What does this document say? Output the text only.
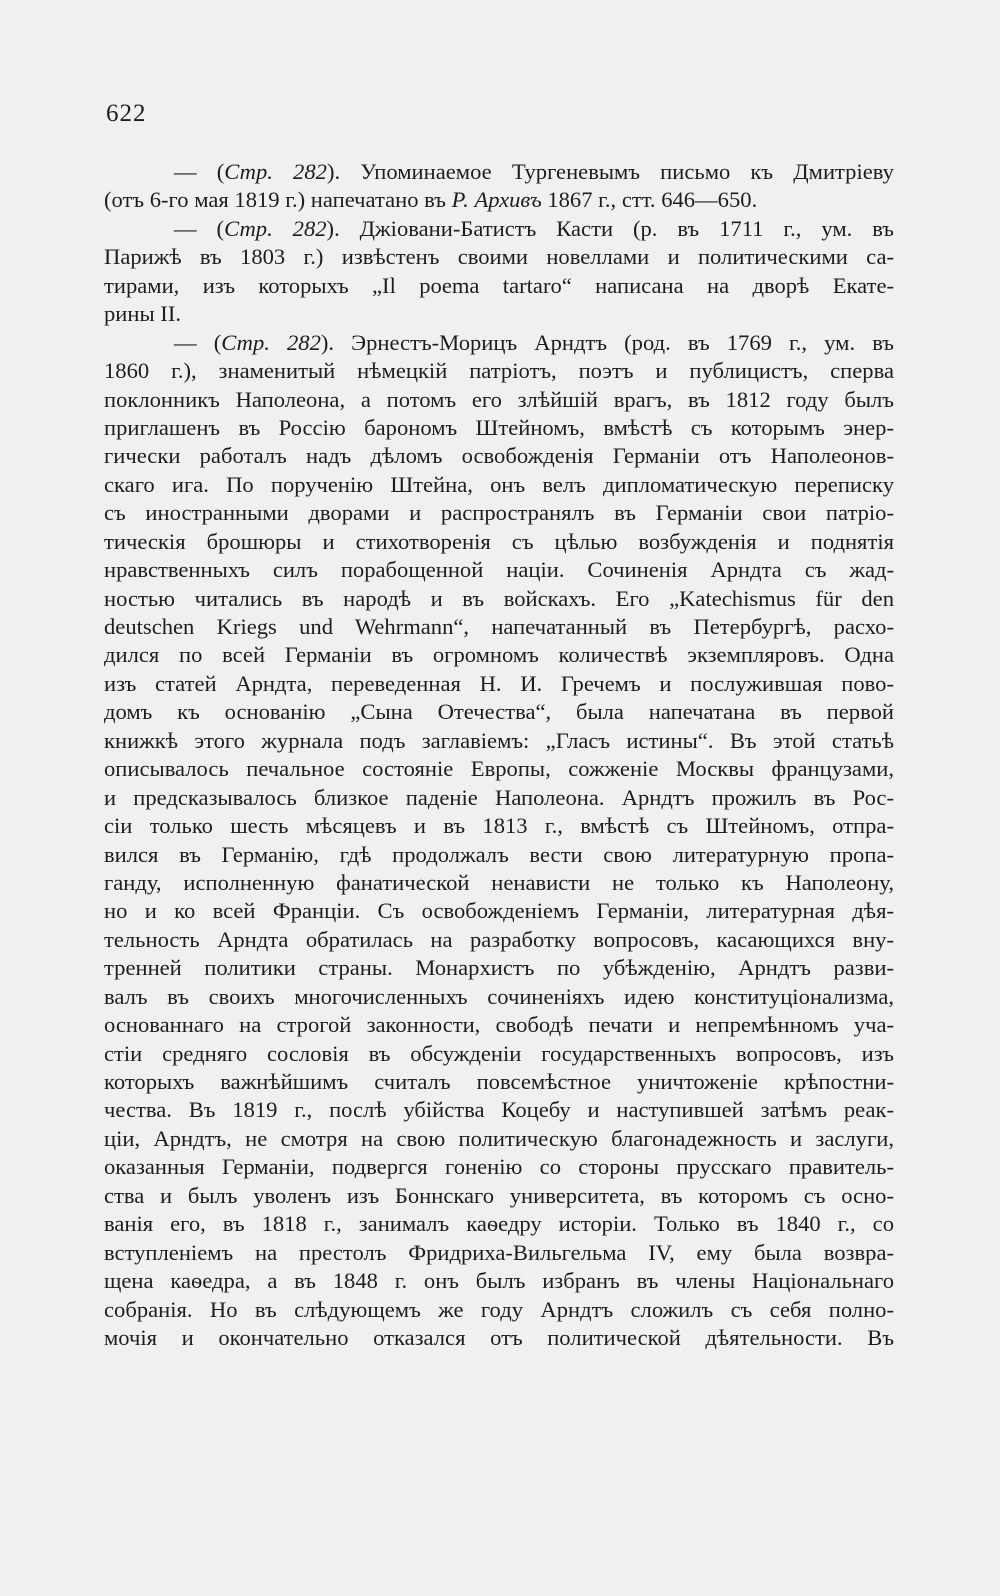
622
— (Стр. 282). Упоминаемое Тургеневымъ письмо къ Дмитрiеву
(отъ 6-го мая 1819 г.) напечатано въ Р. Архивъ 1867 г., стт. 646—650.
— (Стр. 282). Джiовани-Батистъ Касти (р. въ 1711 г., ум. въ
Парижѣ въ 1803 г.) извѣстенъ своими новеллами и политическими са-
тирами, изъ которыхъ „Il poema tartaro“ написана на дворѣ Екате-
рины II.
— (Стр. 282). Эрнестъ-Морицъ Арндтъ (род. въ 1769 г., ум. въ
1860 г.), знаменитый нѣмецкiй патрiотъ, поэтъ и публицистъ, сперва
поклонникъ Наполеона, а потомъ его злѣйшiй врагъ, въ 1812 году былъ
приглашенъ въ Россiю барономъ Штейномъ, вмѣстѣ съ которымъ энер-
гически работалъ надъ дѣломъ освобожденiя Германiи отъ Наполеонов-
скаго ига. По порученiю Штейна, онъ велъ дипломатическую переписку
съ иностранными дворами и распространялъ въ Германiи свои патрiо-
тическiя брошюры и стихотворенiя съ цѣлью возбужденiя и поднятiя
нравственныхъ силъ порабощенной нацiи. Сочиненiя Арндта съ жад-
ностью читались въ народѣ и въ войскахъ. Его „Katechismus für den
deutschen Kriegs und Wehrmann“, напечатанный въ Петербургѣ, расхо-
дился по всей Германiи въ огромномъ количествѣ экземпляровъ. Одна
изъ статей Арндта, переведенная Н. И. Гречемъ и послужившая пово-
домъ къ основанiю „Сына Отечества“, была напечатана въ первой
книжкѣ этого журнала подъ заглавiемъ: „Гласъ истины“. Въ этой статьѣ
описывалось печальное состоянiе Европы, сожженiе Москвы французами,
и предсказывалось близкое паденiе Наполеона. Арндтъ прожилъ въ Рос-
сiи только шесть мѣсяцевъ и въ 1813 г., вмѣстѣ съ Штейномъ, отпра-
вился въ Германiю, гдѣ продолжалъ вести свою литературную пропа-
ганду, исполненную фанатической ненависти не только къ Наполеону,
но и ко всей Францiи. Съ освобожденiемъ Германiи, литературная дѣя-
тельность Арндта обратилась на разработку вопросовъ, касающихся вну-
тренней политики страны. Монархистъ по убѣжденiю, Арндтъ разви-
валъ въ своихъ многочисленныхъ сочиненiяхъ идею конституцiонализма,
основаннаго на строгой законности, свободѣ печати и непремѣнномъ уча-
стiи средняго сословiя въ обсужденiи государственныхъ вопросовъ, изъ
которыхъ важнѣйшимъ считалъ повсемѣстное уничтоженiе крѣпостни-
чества. Въ 1819 г., послѣ убiйства Коцебу и наступившей затѣмъ реак-
цiи, Арндтъ, не смотря на свою политическую благонадежность и заслуги,
оказанныя Германiи, подвергся гоненiю со стороны прусскаго правитель-
ства и былъ уволенъ изъ Боннскаго университета, въ которомъ съ осно-
ванiя его, въ 1818 г., занималъ каѳедру исторiи. Только въ 1840 г., со
вступленiемъ на престолъ Фридриха-Вильгельма IV, ему была возвра-
щена каѳедра, а въ 1848 г. онъ былъ избранъ въ члены Нацiональнаго
собранiя. Но въ слѣдующемъ же году Арндтъ сложилъ съ себя полно-
мочiя и окончательно отказался отъ политической дѣятельности. Въ
